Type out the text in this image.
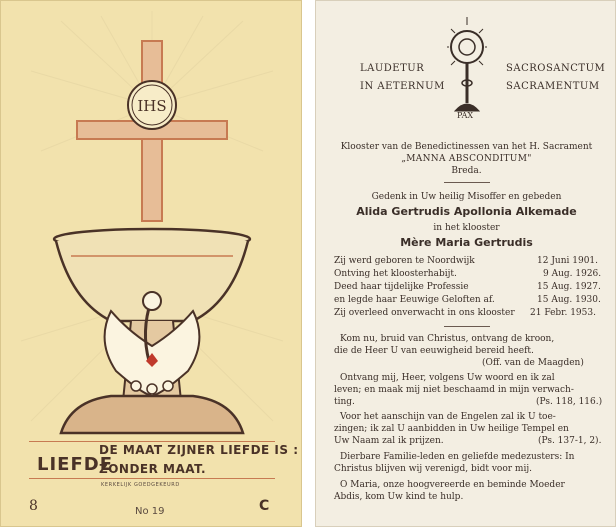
IHS
DE MAAT ZIJNER LIEFDE IS :
LIEFDE
ZONDER MAAT.
KERKELIJK GOEDGEKEURD
8	No 19	C
LAUDETUR
IN AETERNUM
SACROSANCTUM
SACRAMENTUM
PAX
Klooster van de Benedictinessen van het H. Sacrament
„MANNA ABSCONDITUM"
Breda.
Gedenk in Uw heilig Misoffer en gebeden
Alida Gertrudis Apollonia Alkemade
in het klooster
Mère Maria Gertrudis
Zij werd geboren te Noordwijk	12 Juni 1901.
Ontving het kloosterhabijt.	9 Aug. 1926.
Deed haar tijdelijke Professie	15 Aug. 1927.
en legde haar Eeuwige Geloften af.	15 Aug. 1930.
Zij overleed onverwacht in ons klooster 21 Febr. 1953.
Kom nu, bruid van Christus, ontvang de kroon,
die de Heer U van eeuwigheid bereid heeft.
(Off. van de Maagden)
Ontvang mij, Heer, volgens Uw woord en ik zal
leven; en maak mij niet beschaamd in mijn verwach-
ting.	(Ps. 118, 116.)
Voor het aanschijn van de Engelen zal ik U toe-
zingen; ik zal U aanbidden in Uw heilige Tempel en
Uw Naam zal ik prijzen.	(Ps. 137-1, 2).
Dierbare Familie-leden en geliefde medezusters: In
Christus blijven wij verenigd, bidt voor mij.
O Maria, onze hoogvereerde en beminde Moeder
Abdis, kom Uw kind te hulp.
